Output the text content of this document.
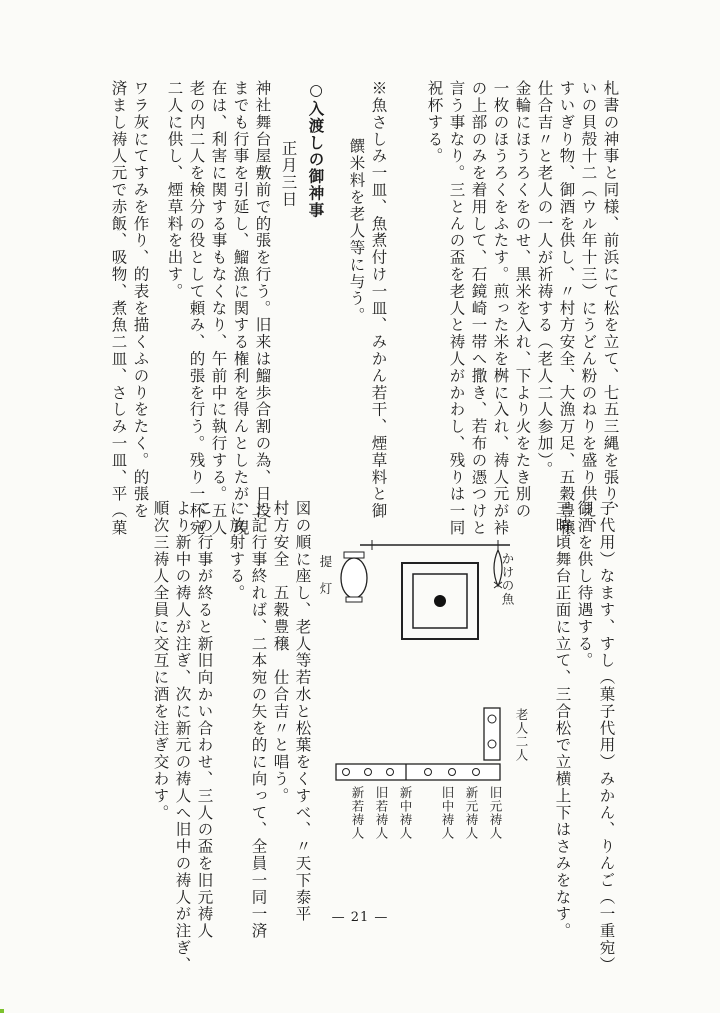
札書の神事と同様、前浜にて松を立て、七五三縄を張り、
いの貝殻十二（ウル年十三）にうどん粉のねりを盛り供え、
すいぎり物、御酒を供し、〃村方安全、大漁万足、五穀豊穣
仕合吉〃と老人の一人が祈祷する（老人二人参加）。
金輪にほうろくをのせ、黒米を入れ、下より火をたき別の
一枚のほうろくをふたす。煎った米を桝に入れ、祷人元が裃
の上部のみを着用して、石鏡崎一帯へ撒き、若布の憑つけと
言う事なり。三とんの盃を老人と祷人がかわし、残りは一同
祝杯する。
※魚さしみ一皿、魚煮付け一皿、みかん若干、煙草料と御
饌米料を老人等に与う。
○入渡しの御神事
正月三日
神社舞台屋敷前で的張を行う。旧来は鰡歩合割の為、日没
までも行事を引延し、鰡漁に関する権利を得んとしたが、現
在は、利害に関する事もなくなり、午前中に執行する。五人
老の内二人を検分の役として頼み、的張を行う。残り一杯宛
二人に供し、煙草料を出す。
ワラ灰にてすみを作り、的表を描くふのりをたく。的張を
済まし祷人元で赤飯、吸物、煮魚二皿、さしみ一皿、平（菓
子代用）なます、すし（菓子代用）みかん、りんご（一重宛）
御酒を供し待遇する。
三時頃舞台正面に立て、三合松で立横上下はさみをなす。
図の順に座し、老人等若水と松葉をくすべ、〃天下泰平
村方安全　五穀豊穣　仕合吉〃と唱う。
上記行事終れば、二本宛の矢を的に向って、全員一同一済
に放射する。
この行事が終ると新旧向かい合わせ、三人の盃を旧元祷人
より新中の祷人が注ぎ、次に新元の祷人へ旧中の祷人が注ぎ、
順次三祷人全員に交互に酒を注ぎ交わす。	かけの魚
提　灯
老人二人
旧元祷人
新元祷人
旧中祷人
新中祷人
旧若祷人
新若祷人
— 21 —
